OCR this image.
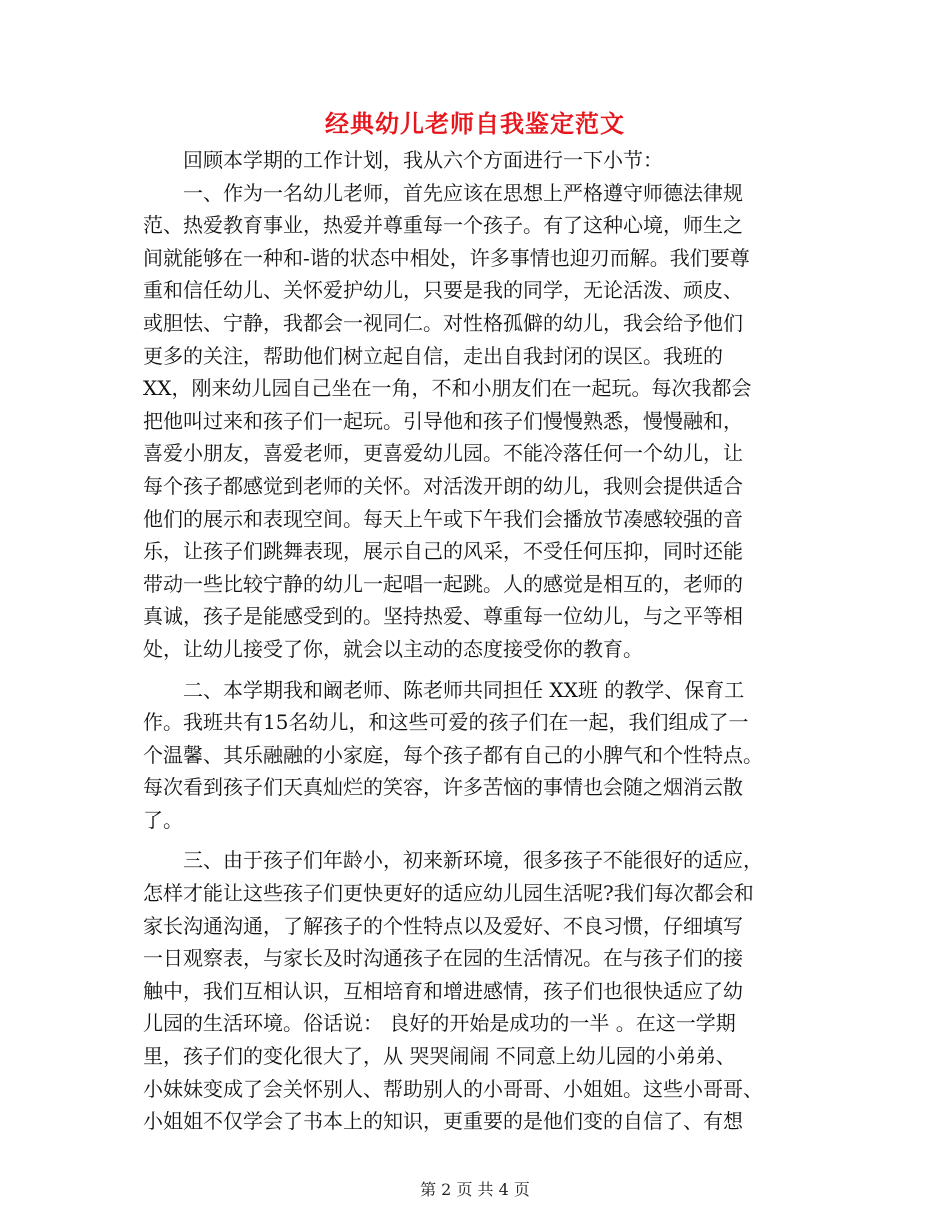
经典幼儿老师自我鉴定范文

回顾本学期的工作计划，我从六个方面进行一下小节：

一、作为一名幼儿老师，首先应该在思想上严格遵守师德法律规
范、热爱教育事业，热爱并尊重每一个孩子。有了这种心境，师生之
间就能够在一种和-谐的状态中相处，许多事情也迎刃而解。我们要尊
重和信任幼儿、关怀爱护幼儿，只要是我的同学，无论活泼、顽皮、
或胆怯、宁静，我都会一视同仁。对性格孤僻的幼儿，我会给予他们
更多的关注，帮助他们树立起自信，走出自我封闭的误区。我班的
XX，刚来幼儿园自己坐在一角，不和小朋友们在一起玩。每次我都会
把他叫过来和孩子们一起玩。引导他和孩子们慢慢熟悉，慢慢融和，
喜爱小朋友，喜爱老师，更喜爱幼儿园。不能冷落任何一个幼儿，让
每个孩子都感觉到老师的关怀。对活泼开朗的幼儿，我则会提供适合
他们的展示和表现空间。每天上午或下午我们会播放节凑感较强的音
乐，让孩子们跳舞表现，展示自己的风采，不受任何压抑，同时还能
带动一些比较宁静的幼儿一起唱一起跳。人的感觉是相互的，老师的
真诚，孩子是能感受到的。坚持热爱、尊重每一位幼儿，与之平等相
处，让幼儿接受了你，就会以主动的态度接受你的教育。

二、本学期我和阚老师、陈老师共同担任 XX班 的教学、保育工
作。我班共有15名幼儿，和这些可爱的孩子们在一起，我们组成了一
个温馨、其乐融融的小家庭，每个孩子都有自己的小脾气和个性特点。
每次看到孩子们天真灿烂的笑容，许多苦恼的事情也会随之烟消云散
了。

三、由于孩子们年龄小，初来新环境，很多孩子不能很好的适应，
怎样才能让这些孩子们更快更好的适应幼儿园生活呢?我们每次都会和
家长沟通沟通，了解孩子的个性特点以及爱好、不良习惯，仔细填写
一日观察表，与家长及时沟通孩子在园的生活情况。在与孩子们的接
触中，我们互相认识，互相培育和增进感情，孩子们也很快适应了幼
儿园的生活环境。俗话说： 良好的开始是成功的一半 。在这一学期
里，孩子们的变化很大了，从 哭哭闹闹 不同意上幼儿园的小弟弟、
小妹妹变成了会关怀别人、帮助别人的小哥哥、小姐姐。这些小哥哥、
小姐姐不仅学会了书本上的知识，更重要的是他们变的自信了、有想

第 2 页 共 4 页
